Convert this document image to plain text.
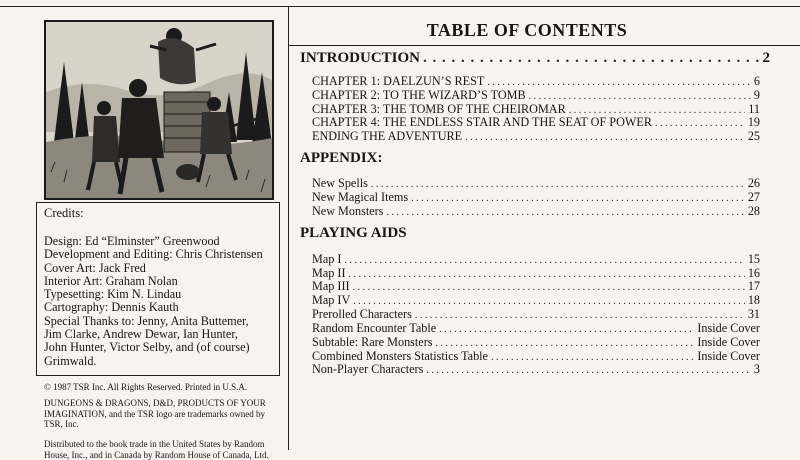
Credits:
Design: Ed “Elminster” Greenwood
Development and Editing: Chris Christensen
Cover Art: Jack Fred
Interior Art: Graham Nolan
Typesetting: Kim N. Lindau
Cartography: Dennis Kauth
Special Thanks to: Jenny, Anita Buttemer,
Jim Clarke, Andrew Dewar, Ian Hunter,
John Hunter, Victor Selby, and (of course)
Grimwald.
© 1987 TSR Inc. All Rights Reserved. Printed in U.S.A.
DUNGEONS & DRAGONS, D&D, PRODUCTS OF YOUR IMAGINATION, and the TSR logo are trademarks owned by TSR, Inc.
Distributed to the book trade in the United States by Random House, Inc., and in Canada by Random House of Canada, Ltd.
TABLE OF CONTENTS
INTRODUCTION . . .	2
CHAPTER 1: DAELZUN’S REST . . .	6
CHAPTER 2: TO THE WIZARD’S TOMB . . .	9
CHAPTER 3: THE TOMB OF THE CHEIROMAR . . .	11
CHAPTER 4: THE ENDLESS STAIR AND THE SEAT OF POWER . . .	19
ENDING THE ADVENTURE . . .	25
APPENDIX:
New Spells . . .	26
New Magical Items . . .	27
New Monsters . . .	28
PLAYING AIDS
Map I . . .	15
Map II . . .	16
Map III . . .	17
Map IV . . .	18
Prerolled Characters . . .	31
Random Encounter Table . . .	Inside Cover
Subtable: Rare Monsters . . .	Inside Cover
Combined Monsters Statistics Table . . .	Inside Cover
Non-Player Characters . . .	3
